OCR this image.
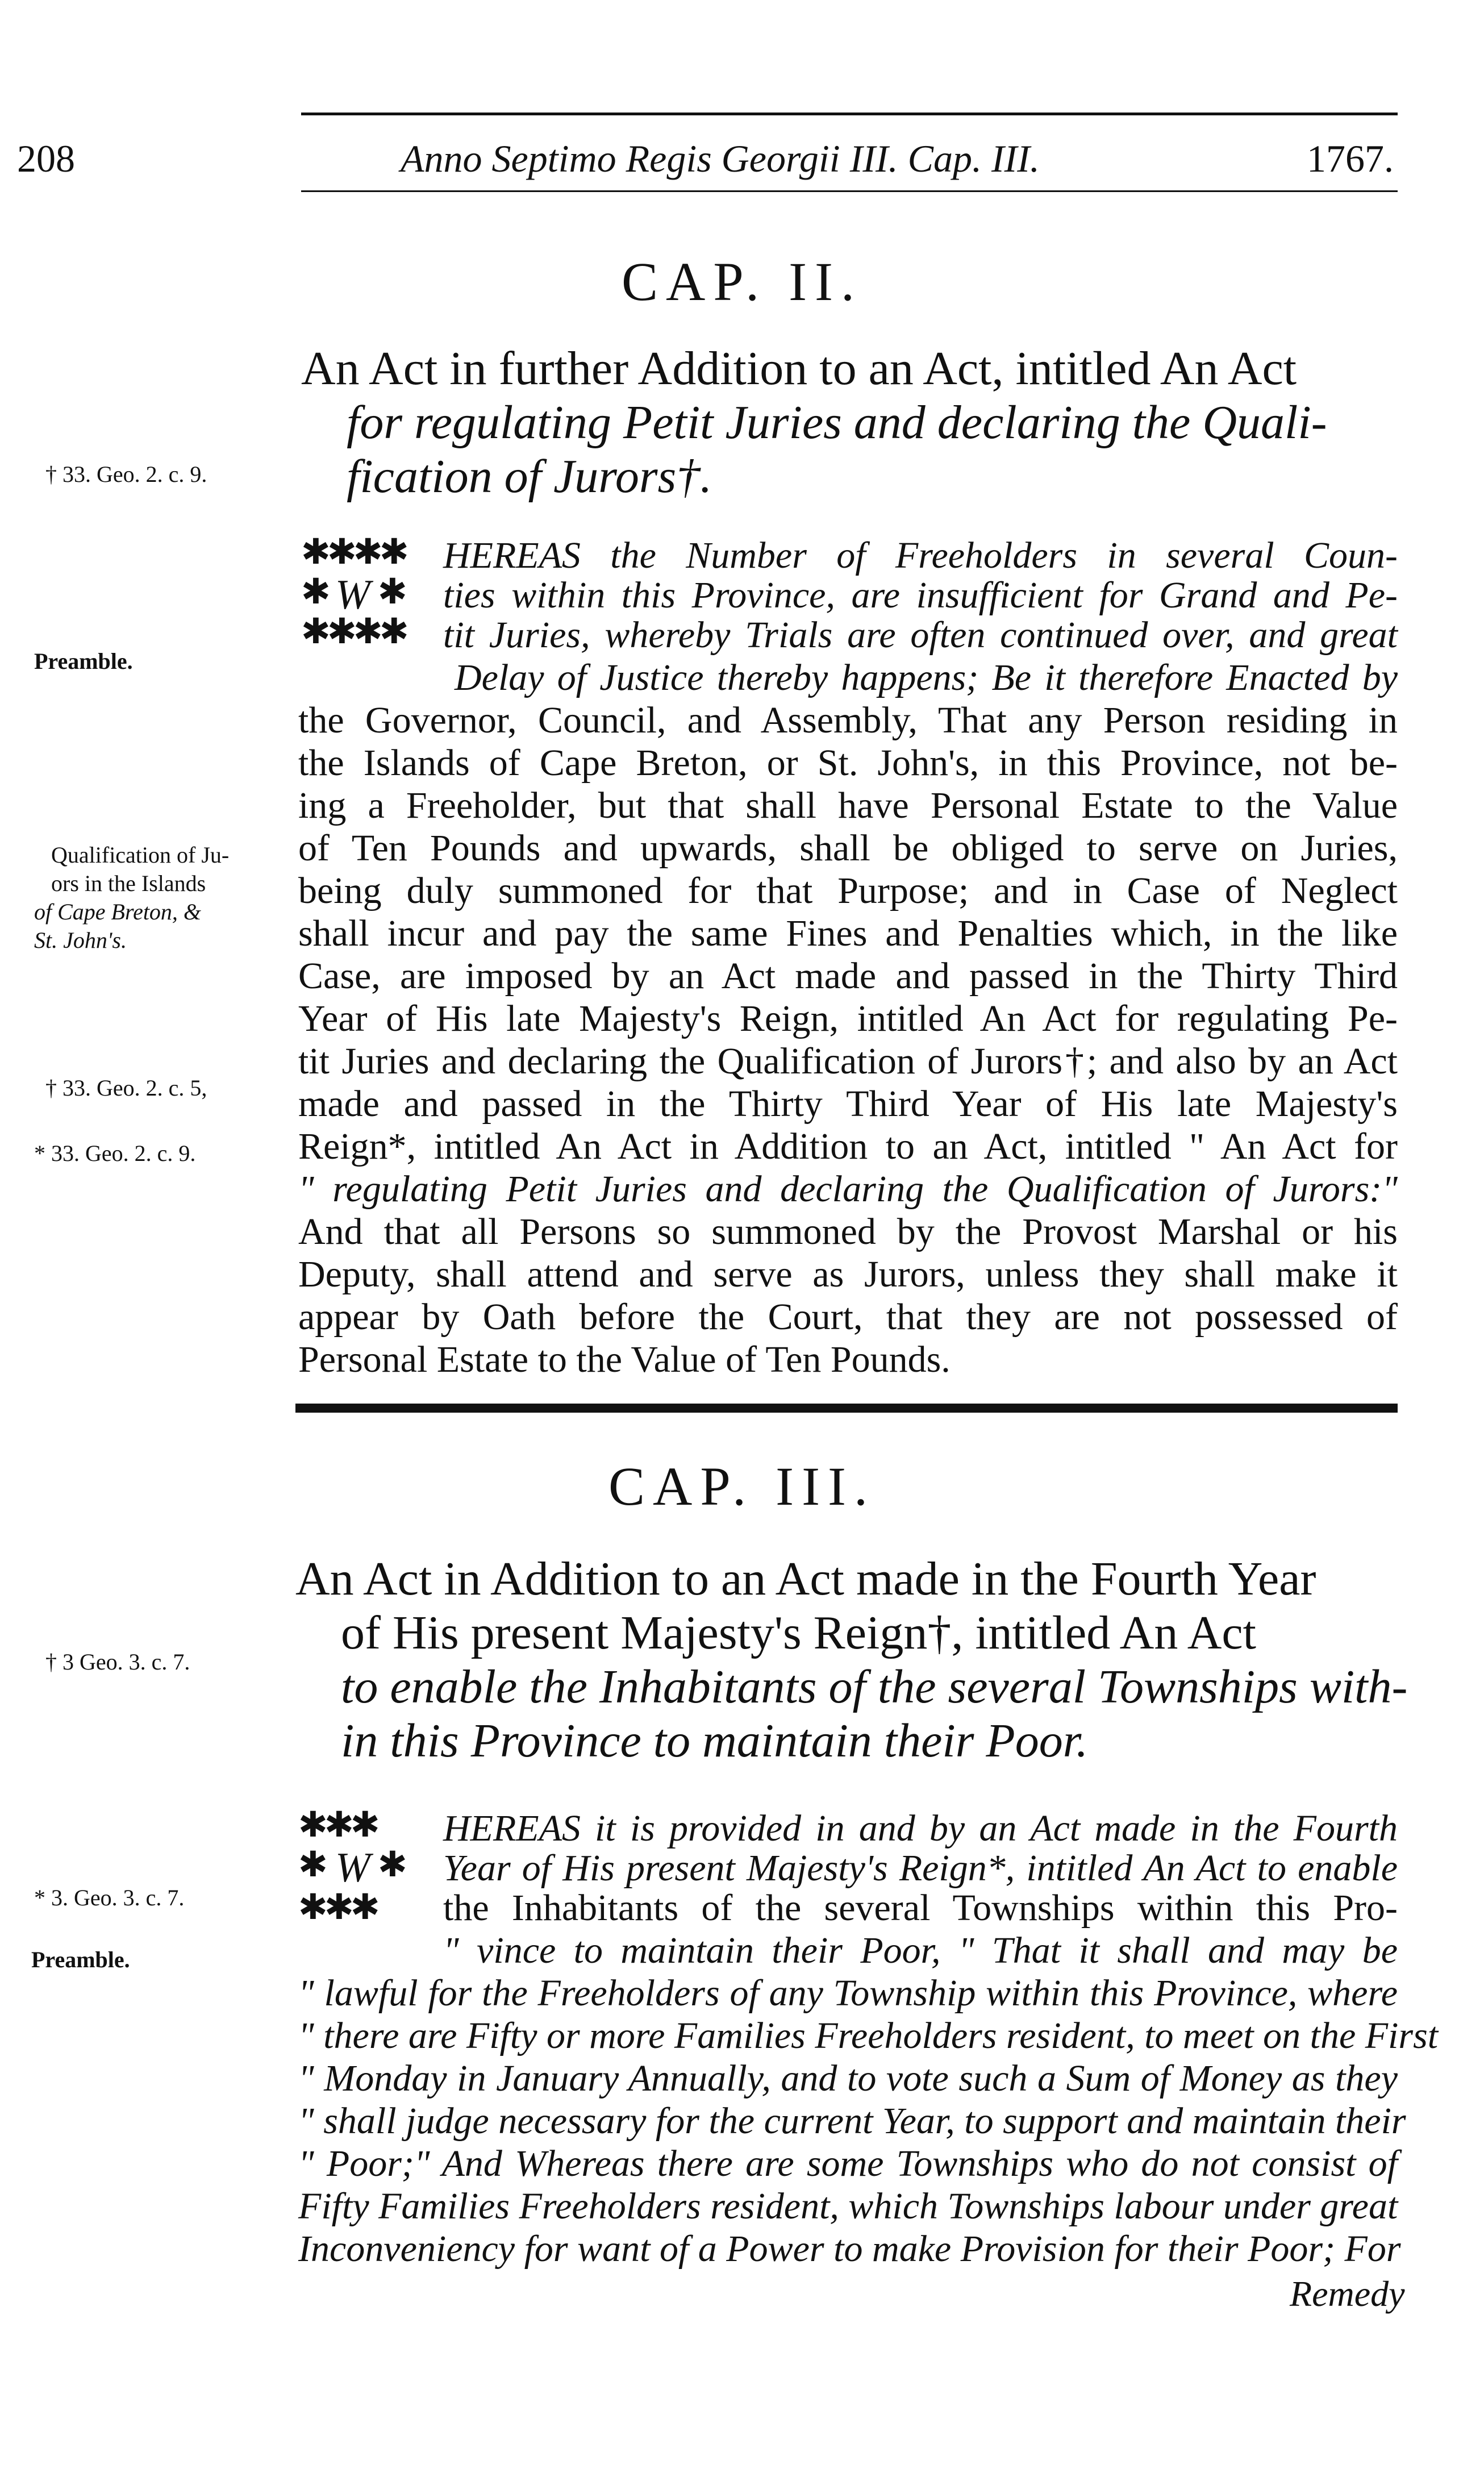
208	Anno Septimo Regis Georgii III. Cap. III.	1767.
CAP. II.
An Act in further Addition to an Act, intitled An Act
for regulating Petit Juries and declaring the Quali-
fication of Jurors†.
† 33. Geo. 2. c. 9.
Preamble.
Qualification of Ju-
ors in the Islands
of Cape Breton, &
St. John's.
† 33. Geo. 2. c. 5,
* 33. Geo. 2. c. 9.
✱✱✱✱
✱ ✱
✱✱✱✱
W
HEREAS the Number of Freeholders in several Coun-
ties within this Province, are insufficient for Grand and Pe-
tit Juries, whereby Trials are often continued over, and great
Delay of Justice thereby happens; Be it therefore Enacted by
the Governor, Council, and Assembly, That any Person residing in
the Islands of Cape Breton, or St. John's, in this Province, not be-
ing a Freeholder, but that shall have Personal Estate to the Value
of Ten Pounds and upwards, shall be obliged to serve on Juries,
being duly summoned for that Purpose; and in Case of Neglect
shall incur and pay the same Fines and Penalties which, in the like
Case, are imposed by an Act made and passed in the Thirty Third
Year of His late Majesty's Reign, intitled An Act for regulating Pe-
tit Juries and declaring the Qualification of Jurors†; and also by an Act
made and passed in the Thirty Third Year of His late Majesty's
Reign*, intitled An Act in Addition to an Act, intitled " An Act for
" regulating Petit Juries and declaring the Qualification of Jurors:"
And that all Persons so summoned by the Provost Marshal or his
Deputy, shall attend and serve as Jurors, unless they shall make it
appear by Oath before the Court, that they are not possessed of
Personal Estate to the Value of Ten Pounds.
CAP. III.
An Act in Addition to an Act made in the Fourth Year
of His present Majesty's Reign†, intitled An Act
to enable the Inhabitants of the several Townships with-
in this Province to maintain their Poor.
† 3 Geo. 3. c. 7.
* 3. Geo. 3. c. 7.
Preamble.
✱✱✱
✱ ✱
✱✱✱
W
HEREAS it is provided in and by an Act made in the Fourth
Year of His present Majesty's Reign*, intitled An Act to enable
the Inhabitants of the several Townships within this Pro-
" vince to maintain their Poor, " That it shall and may be
" lawful for the Freeholders of any Township within this Province, where
" there are Fifty or more Families Freeholders resident, to meet on the First
" Monday in January Annually, and to vote such a Sum of Money as they
" shall judge necessary for the current Year, to support and maintain their
" Poor;" And Whereas there are some Townships who do not consist of
Fifty Families Freeholders resident, which Townships labour under great
Inconveniency for want of a Power to make Provision for their Poor; For
Remedy
